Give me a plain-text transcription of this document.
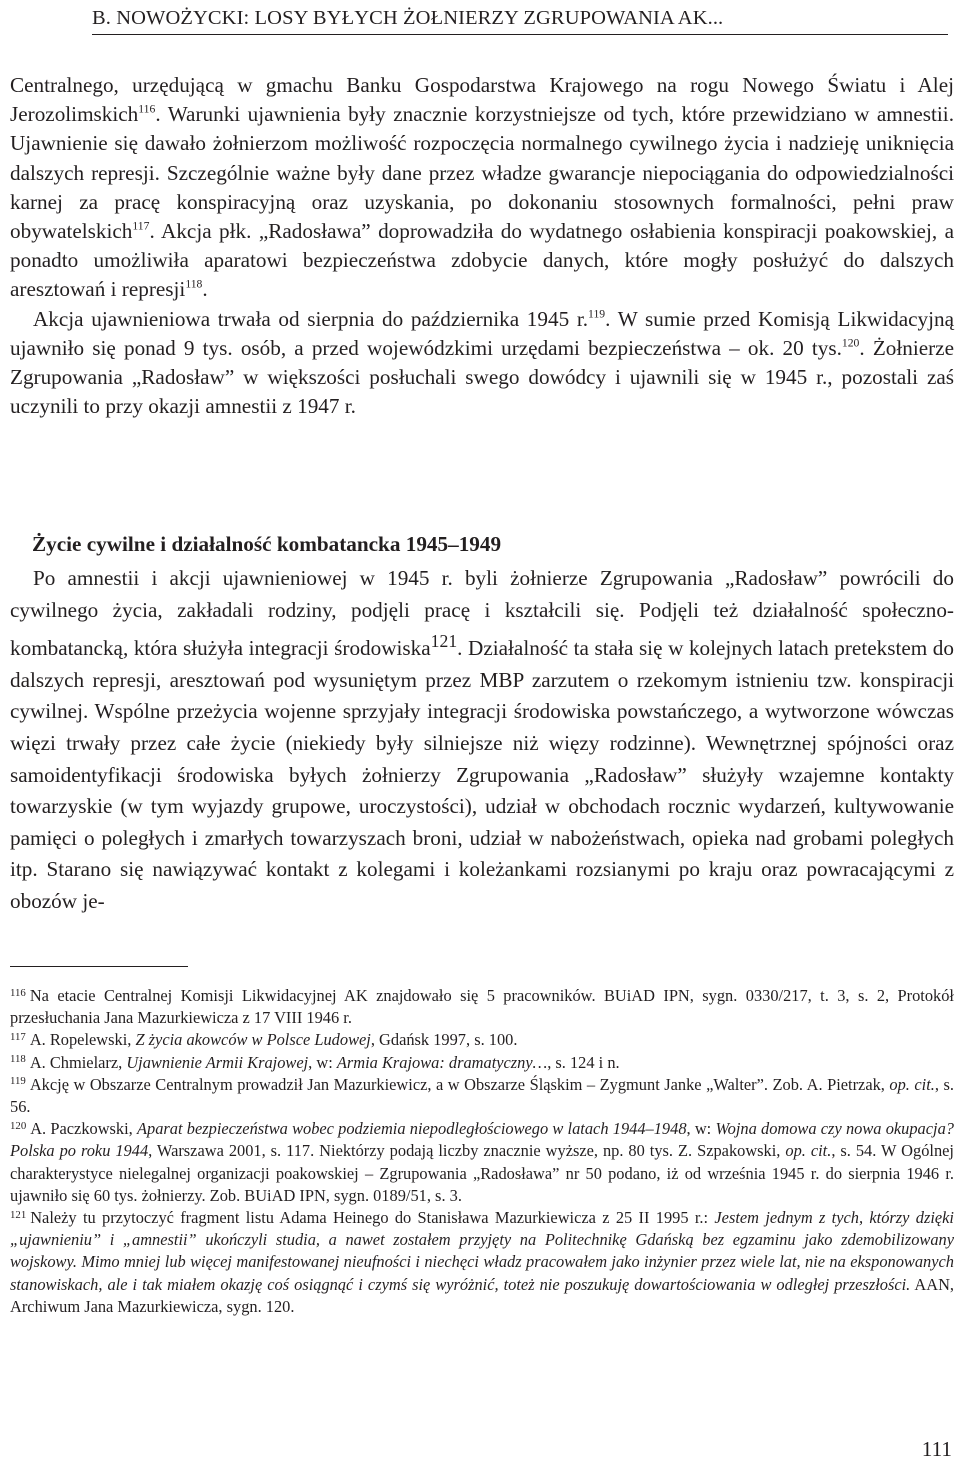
B. NOWOŻYCKI: LOSY BYŁYCH ŻOŁNIERZY ZGRUPOWANIA AK...

Centralnego, urzędującą w gmachu Banku Gospodarstwa Krajowego na rogu Nowego Światu i Alej Jerozolimskich$^{116}$. Warunki ujawnienia były znacznie korzystniejsze od tych, które przewidziano w amnestii. Ujawnienie się dawało żołnierzom możliwość rozpoczęcia normalnego cywilnego życia i nadzieję uniknięcia dalszych represji. Szczególnie ważne były dane przez władze gwarancje niepociągania do odpowiedzialności karnej za pracę konspiracyjną oraz uzyskania, po dokonaniu stosownych formalności, pełni praw obywatelskich$^{117}$. Akcja płk. „Radosława” doprowadziła do wydatnego osłabienia konspiracji poakowskiej, a ponadto umożliwiła aparatowi bezpieczeństwa zdobycie danych, które mogły posłużyć do dalszych aresztowań i represji$^{118}$.

Akcja ujawnieniowa trwała od sierpnia do października 1945 r.$^{119}$. W sumie przed Komisją Likwidacyjną ujawniło się ponad 9 tys. osób, a przed wojewódzkimi urzędami bezpieczeństwa – ok. 20 tys.$^{120}$. Żołnierze Zgrupowania „Radosław” w większości posłuchali swego dowódcy i ujawnili się w 1945 r., pozostali zaś uczynili to przy okazji amnestii z 1947 r.

Życie cywilne i działalność kombatancka 1945–1949

Po amnestii i akcji ujawnieniowej w 1945 r. byli żołnierze Zgrupowania „Radosław” powrócili do cywilnego życia, zakładali rodziny, podjęli pracę i kształcili się. Podjęli też działalność społeczno-kombatancką, która służyła integracji środowiska$^{121}$. Działalność ta stała się w kolejnych latach pretekstem do dalszych represji, aresztowań pod wysuniętym przez MBP zarzutem o rzekomym istnieniu tzw. konspiracji cywilnej. Wspólne przeżycia wojenne sprzyjały integracji środowiska powstańczego, a wytworzone wówczas więzi trwały przez całe życie (niekiedy były silniejsze niż więzy rodzinne). Wewnętrznej spójności oraz samoidentyfikacji środowiska byłych żołnierzy Zgrupowania „Radosław” służyły wzajemne kontakty towarzyskie (w tym wyjazdy grupowe, uroczystości), udział w obchodach rocznic wydarzeń, kultywowanie pamięci o poległych i zmarłych towarzyszach broni, udział w nabożeństwach, opieka nad grobami poległych itp. Starano się nawiązywać kontakt z kolegami i koleżankami rozsianymi po kraju oraz powracającymi z obozów je-

$^{116}$ Na etacie Centralnej Komisji Likwidacyjnej AK znajdowało się 5 pracowników. BUiAD IPN, sygn. 0330/217, t. 3, s. 2, Protokół przesłuchania Jana Mazurkiewicza z 17 VIII 1946 r.

$^{117}$ A. Ropelewski, Z życia akowców w Polsce Ludowej, Gdańsk 1997, s. 100.

$^{118}$ A. Chmielarz, Ujawnienie Armii Krajowej, w: Armia Krajowa: dramatyczny…, s. 124 i n.

$^{119}$ Akcję w Obszarze Centralnym prowadził Jan Mazurkiewicz, a w Obszarze Śląskim – Zygmunt Janke „Walter”. Zob. A. Pietrzak, op. cit., s. 56.

$^{120}$ A. Paczkowski, Aparat bezpieczeństwa wobec podziemia niepodległościowego w latach 1944–1948, w: Wojna domowa czy nowa okupacja? Polska po roku 1944, Warszawa 2001, s. 117. Niektórzy podają liczby znacznie wyższe, np. 80 tys. Z. Szpakowski, op. cit., s. 54. W Ogólnej charakterystyce nielegalnej organizacji poakowskiej – Zgrupowania „Radosława” nr 50 podano, iż od września 1945 r. do sierpnia 1946 r. ujawniło się 60 tys. żołnierzy. Zob. BUiAD IPN, sygn. 0189/51, s. 3.

$^{121}$ Należy tu przytoczyć fragment listu Adama Heinego do Stanisława Mazurkiewicza z 25 II 1995 r.: Jestem jednym z tych, którzy dzięki „ujawnieniu” i „amnestii” ukończyli studia, a nawet zostałem przyjęty na Politechnikę Gdańską bez egzaminu jako zdemobilizowany wojskowy. Mimo mniej lub więcej manifestowanej nieufności i niechęci władz pracowałem jako inżynier przez wiele lat, nie na eksponowanych stanowiskach, ale i tak miałem okazję coś osiągnąć i czymś się wyróżnić, toteż nie poszukuję dowartościowania w odległej przeszłości. AAN, Archiwum Jana Mazurkiewicza, sygn. 120.

111
